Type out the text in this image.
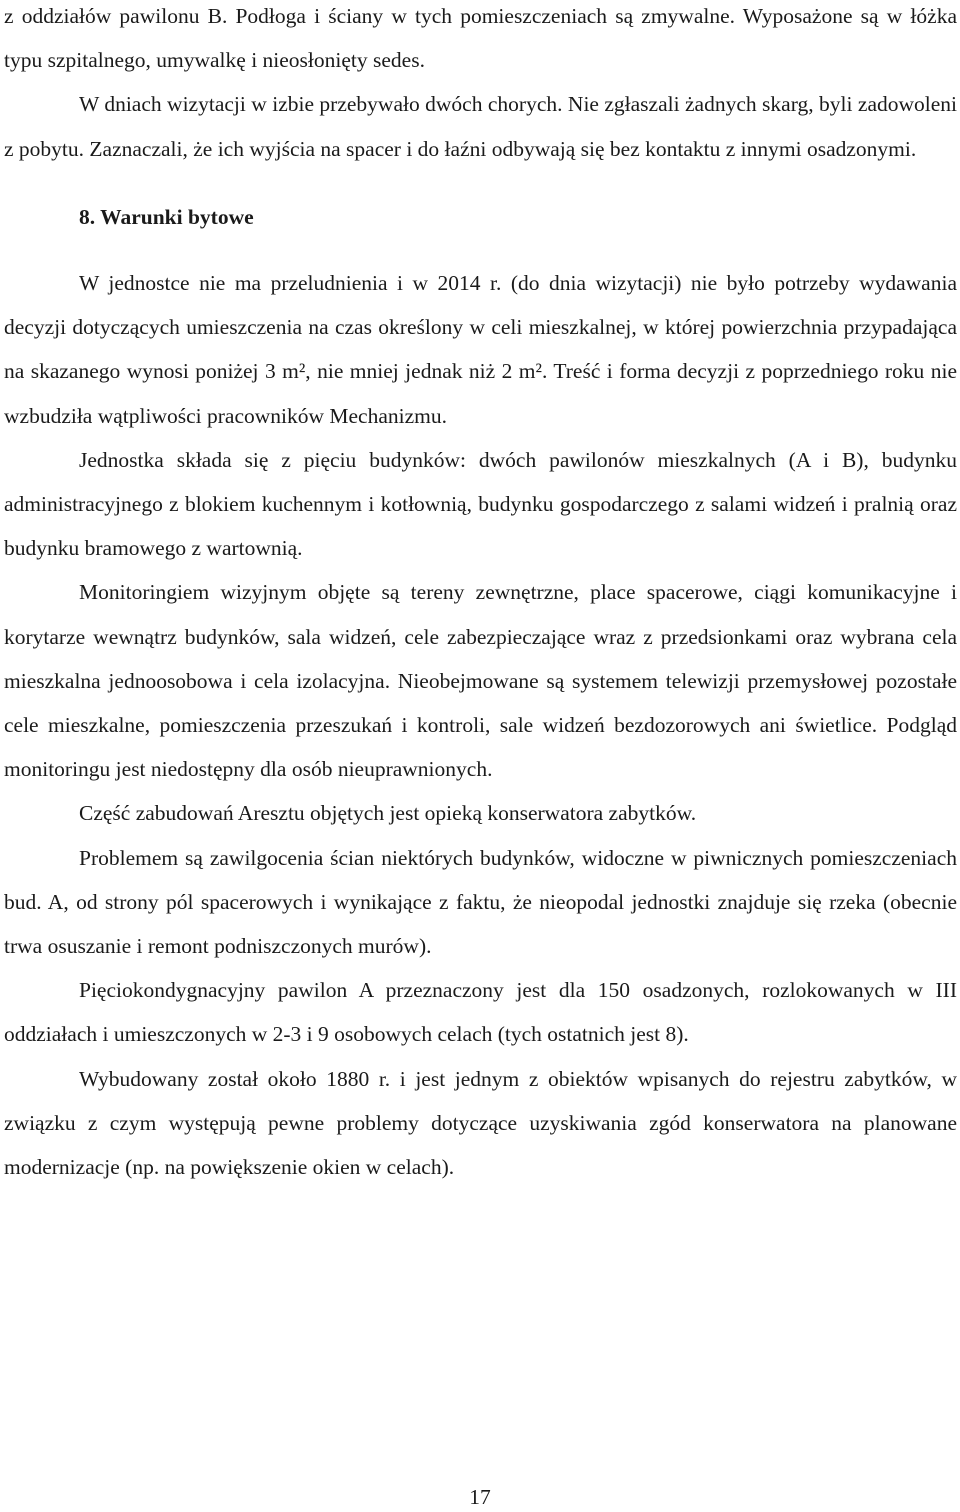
z oddziałów pawilonu B. Podłoga i ściany w tych pomieszczeniach są zmywalne. Wyposażone są w łóżka typu szpitalnego, umywalkę i nieosłonięty sedes.

W dniach wizytacji w izbie przebywało dwóch chorych. Nie zgłaszali żadnych skarg, byli zadowoleni z pobytu. Zaznaczali, że ich wyjścia na spacer i do łaźni odbywają się bez kontaktu z innymi osadzonymi.

8. Warunki bytowe

W jednostce nie ma przeludnienia i w 2014 r. (do dnia wizytacji) nie było potrzeby wydawania decyzji dotyczących umieszczenia na czas określony w celi mieszkalnej, w której powierzchnia przypadająca na skazanego wynosi poniżej 3 m², nie mniej jednak niż 2 m². Treść i forma decyzji z poprzedniego roku nie wzbudziła wątpliwości pracowników Mechanizmu.

Jednostka składa się z pięciu budynków: dwóch pawilonów mieszkalnych (A i B), budynku administracyjnego z blokiem kuchennym i kotłownią, budynku gospodarczego z salami widzeń i pralnią oraz budynku bramowego z wartownią.

Monitoringiem wizyjnym objęte są tereny zewnętrzne, place spacerowe, ciągi komunikacyjne i korytarze wewnątrz budynków, sala widzeń, cele zabezpieczające wraz z przedsionkami oraz wybrana cela mieszkalna jednoosobowa i cela izolacyjna. Nieobejmowane są systemem telewizji przemysłowej pozostałe cele mieszkalne, pomieszczenia przeszukań i kontroli, sale widzeń bezdozorowych ani świetlice. Podgląd monitoringu jest niedostępny dla osób nieuprawnionych.

Część zabudowań Aresztu objętych jest opieką konserwatora zabytków.

Problemem są zawilgocenia ścian niektórych budynków, widoczne w piwnicznych pomieszczeniach bud. A, od strony pól spacerowych i wynikające z faktu, że nieopodal jednostki znajduje się rzeka (obecnie trwa osuszanie i remont podniszczonych murów).

Pięciokondygnacyjny pawilon A przeznaczony jest dla 150 osadzonych, rozlokowanych w III oddziałach i umieszczonych w 2-3 i 9 osobowych celach (tych ostatnich jest 8).

Wybudowany został około 1880 r. i jest jednym z obiektów wpisanych do rejestru zabytków, w związku z czym występują pewne problemy dotyczące uzyskiwania zgód konserwatora na planowane modernizacje (np. na powiększenie okien w celach).

17
